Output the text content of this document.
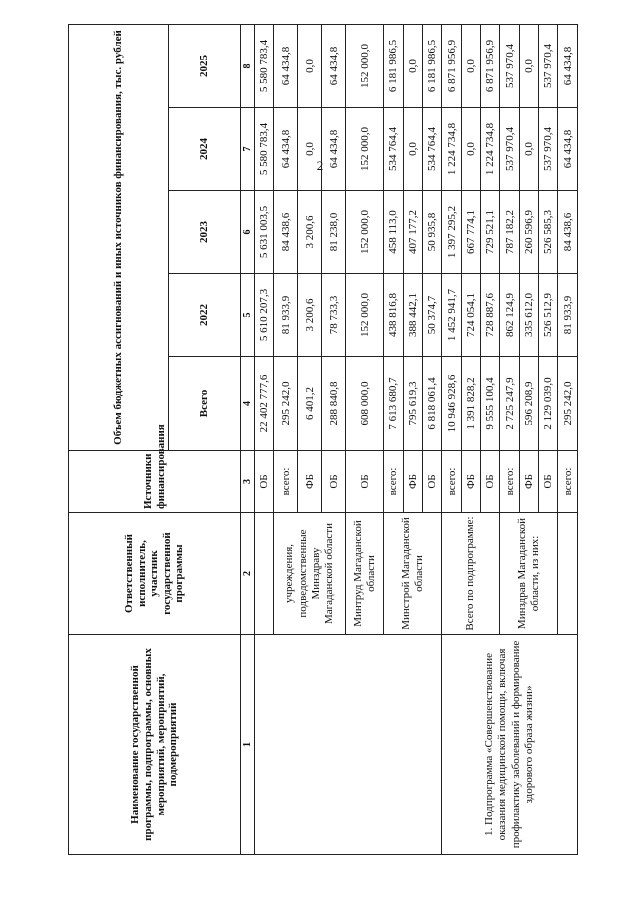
2
Наименование государственной программы, подпрограммы, основных мероприятий, мероприятий, подмероприятий	Ответственный исполнитель, участник государственной программы	Источники финансирования	Объем бюджетных ассигнований и иных источников финансирования, тыс. рублей				
			Всего	2022	2023	2024	2025
1	2	3	4	5	6	7	8
		ОБ	22 402 777,6	5 610 207,3	5 631 003,5	5 580 783,4	5 580 783,4
	учреждения, подведомственные Минздраву Магаданской области	всего:	295 242,0	81 933,9	84 438,6	64 434,8	64 434,8
		ФБ	6 401,2	3 200,6	3 200,6	0,0	0,0
		ОБ	288 840,8	78 733,3	81 238,0	64 434,8	64 434,8
	Минтруд Магаданской области	ОБ	608 000,0	152 000,0	152 000,0	152 000,0	152 000,0
	Минстрой Магаданской области	всего:	7 613 680,7	438 816,8	458 113,0	534 764,4	6 181 986,5
		ФБ	795 619,3	388 442,1	407 177,2	0,0	0,0
		ОБ	6 818 061,4	50 374,7	50 935,8	534 764,4	6 181 986,5
1. Подпрограмма «Совершенствование оказания медицинской помощи, включая профилактику заболеваний и формирование здорового образа жизни»	Всего по подпрограмме:	всего:	10 946 928,6	1 452 941,7	1 397 295,2	1 224 734,8	6 871 956,9
		ФБ	1 391 828,2	724 054,1	667 774,1	0,0	0,0
		ОБ	9 555 100,4	728 887,6	729 521,1	1 224 734,8	6 871 956,9
	Минздрав Магаданской области, из них:	всего:	2 725 247,9	862 124,9	787 182,2	537 970,4	537 970,4
		ФБ	596 208,9	335 612,0	260 596,9	0,0	0,0
		ОБ	2 129 039,0	526 512,9	526 585,3	537 970,4	537 970,4
		всего:	295 242,0	81 933,9	84 438,6	64 434,8	64 434,8
